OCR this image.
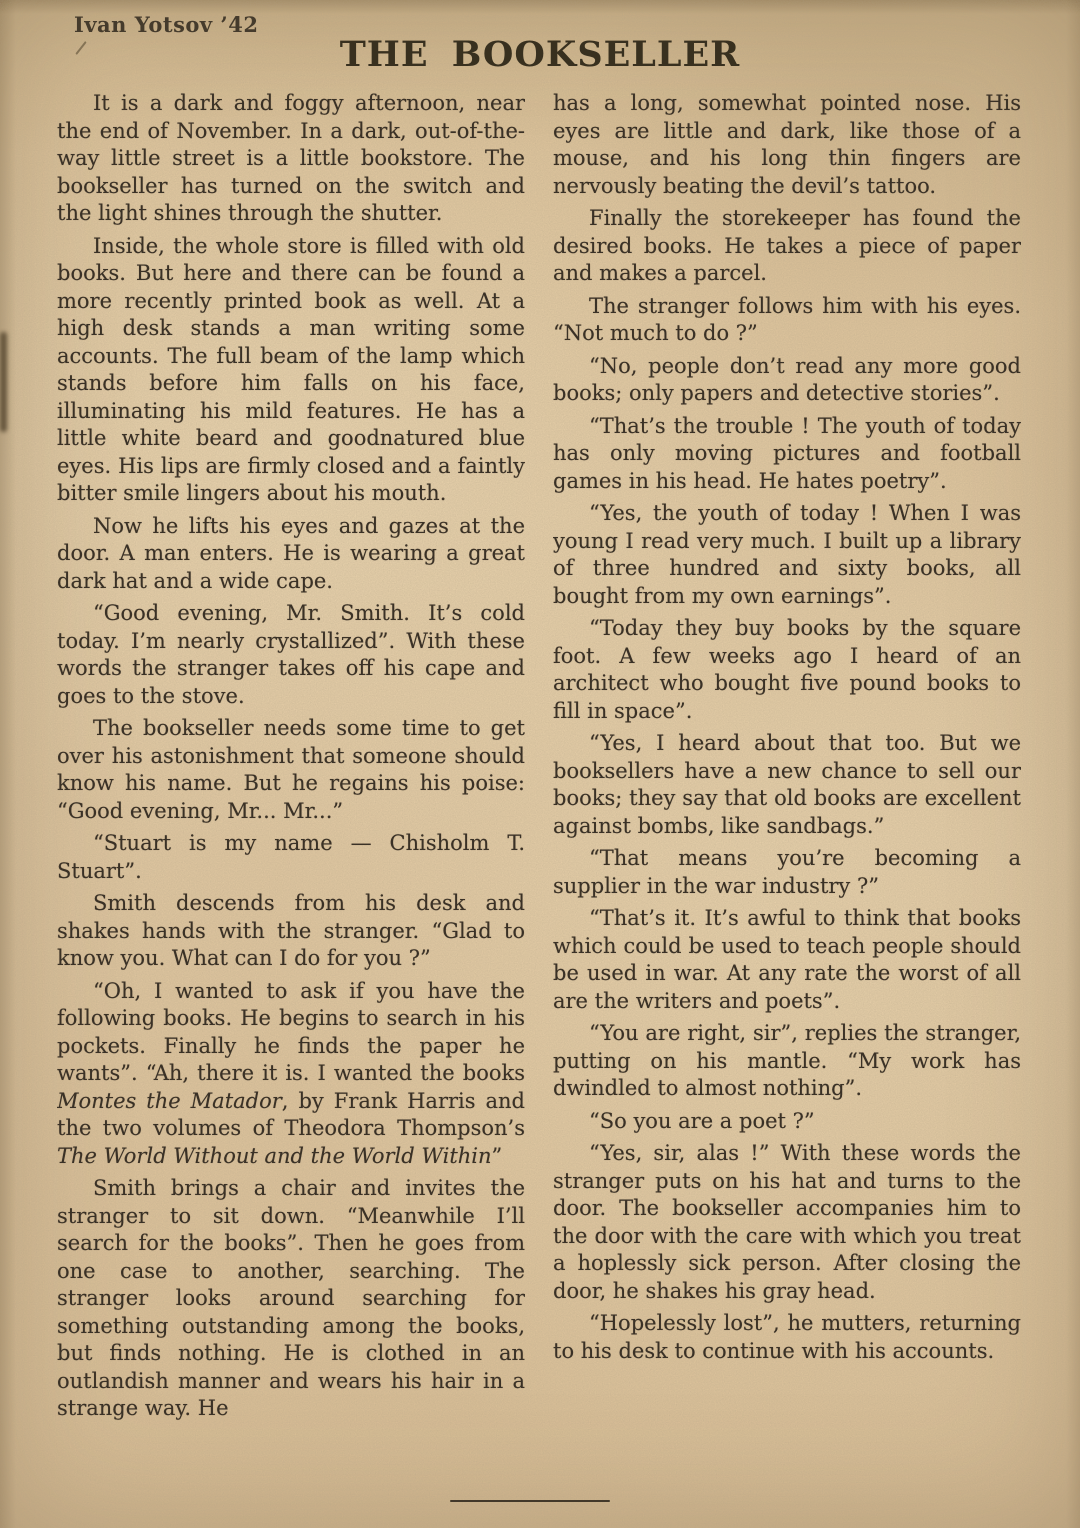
Ivan Yotsov ’42
THE BOOKSELLER

It is a dark and foggy afternoon, near the end of November. In a dark, out-of-the-way little street is a little bookstore. The bookseller has turned on the switch and the light shines through the shutter.

Inside, the whole store is filled with old books. But here and there can be found a more recently printed book as well. At a high desk stands a man writing some accounts. The full beam of the lamp which stands before him falls on his face, illuminating his mild features. He has a little white beard and goodnatured blue eyes. His lips are firmly closed and a faintly bitter smile lingers about his mouth.

Now he lifts his eyes and gazes at the door. A man enters. He is wearing a great dark hat and a wide cape.

“Good evening, Mr. Smith. It’s cold today. I’m nearly crystallized”. With these words the stranger takes off his cape and goes to the stove.

The bookseller needs some time to get over his astonishment that someone should know his name. But he regains his poise: “Good evening, Mr... Mr...”

“Stuart is my name — Chisholm T. Stuart”.

Smith descends from his desk and shakes hands with the stranger. “Glad to know you. What can I do for you ?”

“Oh, I wanted to ask if you have the following books. He begins to search in his pockets. Finally he finds the paper he wants”. “Ah, there it is. I wanted the books Montes the Matador, by Frank Harris and the two volumes of Theodora Thompson’s The World Without and the World Within”

Smith brings a chair and invites the stranger to sit down. “Meanwhile I’ll search for the books”. Then he goes from one case to another, searching. The stranger looks around searching for something outstanding among the books, but finds nothing. He is clothed in an outlandish manner and wears his hair in a strange way. He

has a long, somewhat pointed nose. His eyes are little and dark, like those of a mouse, and his long thin fingers are nervously beating the devil’s tattoo.

Finally the storekeeper has found the desired books. He takes a piece of paper and makes a parcel.

The stranger follows him with his eyes. “Not much to do ?”

“No, people don’t read any more good books; only papers and detective stories”.

“That’s the trouble ! The youth of today has only moving pictures and football games in his head. He hates poetry”.

“Yes, the youth of today ! When I was young I read very much. I built up a library of three hundred and sixty books, all bought from my own earnings”.

“Today they buy books by the square foot. A few weeks ago I heard of an architect who bought five pound books to fill in space”.

“Yes, I heard about that too. But we booksellers have a new chance to sell our books; they say that old books are excellent against bombs, like sandbags.”

“That means you’re becoming a supplier in the war industry ?”

“That’s it. It’s awful to think that books which could be used to teach people should be used in war. At any rate the worst of all are the writers and poets”.

“You are right, sir”, replies the stranger, putting on his mantle. “My work has dwindled to almost nothing”.

“So you are a poet ?”

“Yes, sir, alas !” With these words the stranger puts on his hat and turns to the door. The bookseller accompanies him to the door with the care with which you treat a hoplessly sick person. After closing the door, he shakes his gray head.

“Hopelessly lost”, he mutters, returning to his desk to continue with his accounts.
